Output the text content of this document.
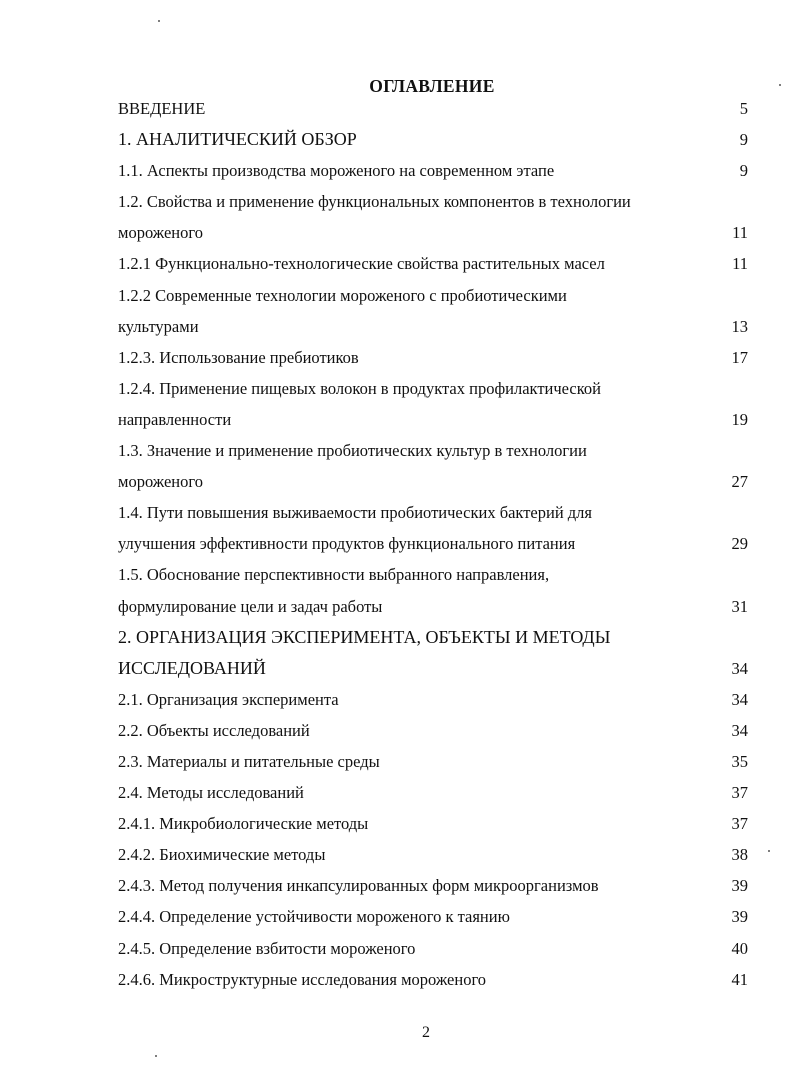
ОГЛАВЛЕНИЕ
ВВЕДЕНИЕ	5
1. АНАЛИТИЧЕСКИЙ ОБЗОР	9
1.1. Аспекты производства мороженого на современном этапе	9
1.2. Свойства и применение функциональных компонентов в технологии
мороженого	11
1.2.1 Функционально-технологические свойства растительных масел	11
1.2.2 Современные технологии мороженого с пробиотическими
культурами	13
1.2.3. Использование пребиотиков	17
1.2.4. Применение пищевых волокон в продуктах профилактической
направленности	19
1.3. Значение и применение пробиотических культур в технологии
мороженого	27
1.4. Пути повышения выживаемости пробиотических бактерий для
улучшения эффективности продуктов функционального питания	29
1.5. Обоснование перспективности выбранного направления,
формулирование цели и задач работы	31
2. ОРГАНИЗАЦИЯ ЭКСПЕРИМЕНТА, ОБЪЕКТЫ И МЕТОДЫ
ИССЛЕДОВАНИЙ	34
2.1. Организация эксперимента	34
2.2. Объекты исследований	34
2.3. Материалы и питательные среды	35
2.4. Методы исследований	37
2.4.1. Микробиологические методы	37
2.4.2. Биохимические методы	38
2.4.3. Метод получения инкапсулированных форм микроорганизмов	39
2.4.4. Определение устойчивости мороженого к таянию	39
2.4.5. Определение взбитости мороженого	40
2.4.6. Микроструктурные исследования мороженого	41
2
